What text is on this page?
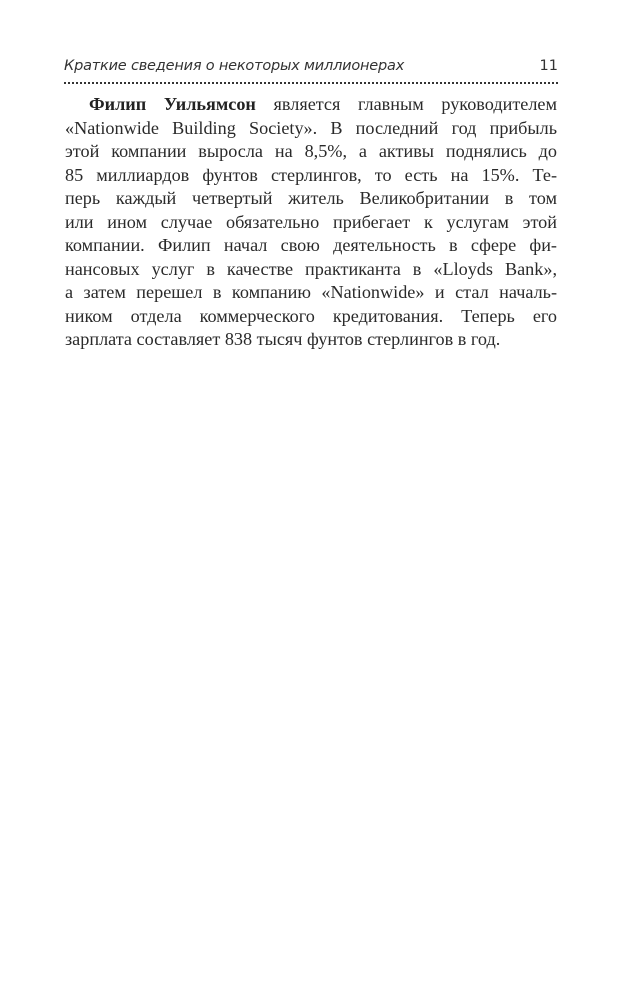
Краткие сведения о некоторых миллионерах	11
Филип Уильямсон является главным руководителем
«Nationwide Building Society». В последний год прибыль
этой компании выросла на 8,5%, а активы поднялись до
85 миллиардов фунтов стерлингов, то есть на 15%. Те-
перь каждый четвертый житель Великобритании в том
или ином случае обязательно прибегает к услугам этой
компании. Филип начал свою деятельность в сфере фи-
нансовых услуг в качестве практиканта в «Lloyds Bank»,
а затем перешел в компанию «Nationwide» и стал началь-
ником отдела коммерческого кредитования. Теперь его
зарплата составляет 838 тысяч фунтов стерлингов в год.
